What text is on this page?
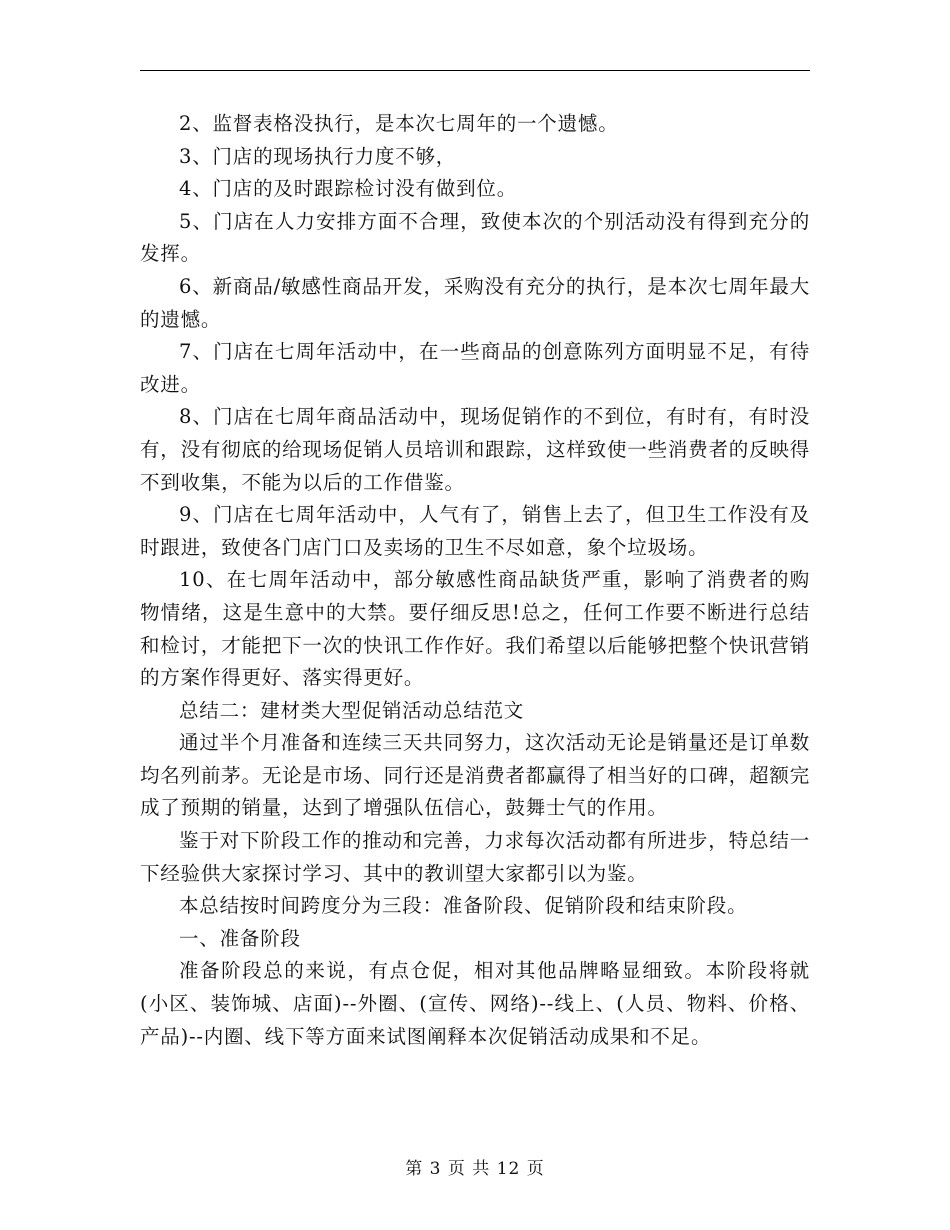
2、监督表格没执行，是本次七周年的一个遗憾。

3、门店的现场执行力度不够，

4、门店的及时跟踪检讨没有做到位。

5、门店在人力安排方面不合理，致使本次的个别活动没有得到充分的发挥。

6、新商品/敏感性商品开发，采购没有充分的执行，是本次七周年最大的遗憾。

7、门店在七周年活动中，在一些商品的创意陈列方面明显不足，有待改进。

8、门店在七周年商品活动中，现场促销作的不到位，有时有，有时没有，没有彻底的给现场促销人员培训和跟踪，这样致使一些消费者的反映得不到收集，不能为以后的工作借鉴。

9、门店在七周年活动中，人气有了，销售上去了，但卫生工作没有及时跟进，致使各门店门口及卖场的卫生不尽如意，象个垃圾场。

10、在七周年活动中，部分敏感性商品缺货严重，影响了消费者的购物情绪，这是生意中的大禁。要仔细反思!总之，任何工作要不断进行总结和检讨，才能把下一次的快讯工作作好。我们希望以后能够把整个快讯营销的方案作得更好、落实得更好。

总结二：建材类大型促销活动总结范文

通过半个月准备和连续三天共同努力，这次活动无论是销量还是订单数均名列前茅。无论是市场、同行还是消费者都赢得了相当好的口碑，超额完成了预期的销量，达到了增强队伍信心，鼓舞士气的作用。

鉴于对下阶段工作的推动和完善，力求每次活动都有所进步，特总结一下经验供大家探讨学习、其中的教训望大家都引以为鉴。

本总结按时间跨度分为三段：准备阶段、促销阶段和结束阶段。

一、准备阶段

准备阶段总的来说，有点仓促，相对其他品牌略显细致。本阶段将就(小区、装饰城、店面)--外圈、(宣传、网络)--线上、(人员、物料、价格、产品)--内圈、线下等方面来试图阐释本次促销活动成果和不足。

第 3 页 共 12 页
